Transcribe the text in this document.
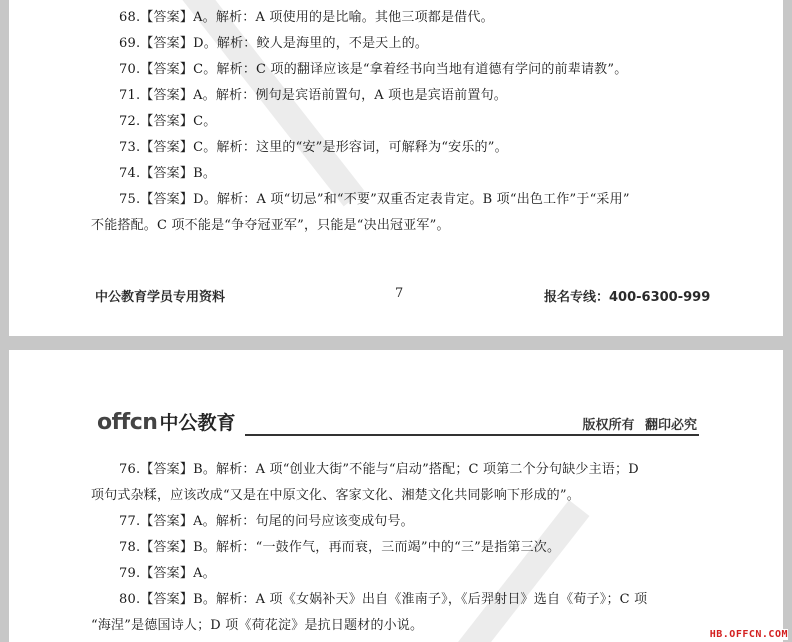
68.【答案】A。解析：A 项使用的是比喻。其他三项都是借代。
69.【答案】D。解析：鲛人是海里的，不是天上的。
70.【答案】C。解析：C 项的翻译应该是“拿着经书向当地有道德有学问的前辈请教”。
71.【答案】A。解析：例句是宾语前置句，A 项也是宾语前置句。
72.【答案】C。
73.【答案】C。解析：这里的“安”是形容词，可解释为“安乐的”。
74.【答案】B。
75.【答案】D。解析：A 项“切忌”和“不要”双重否定表肯定。B 项“出色工作”于“采用”
不能搭配。C 项不能是“争夺冠亚军”，只能是“决出冠亚军”。
中公教育学员专用资料	7	报名专线：400-6300-999
offcn 中公教育	版权所有 翻印必究
76.【答案】B。解析：A 项“创业大街”不能与“启动”搭配；C 项第二个分句缺少主语；D
项句式杂糅，应该改成“又是在中原文化、客家文化、湘楚文化共同影响下形成的”。
77.【答案】A。解析：句尾的问号应该变成句号。
78.【答案】B。解析：“一鼓作气，再而衰，三而竭”中的“三”是指第三次。
79.【答案】A。
80.【答案】B。解析：A 项《女娲补天》出自《淮南子》，《后羿射日》选自《荀子》；C 项
“海涅”是德国诗人；D 项《荷花淀》是抗日题材的小说。
HB.OFFCN.COM
